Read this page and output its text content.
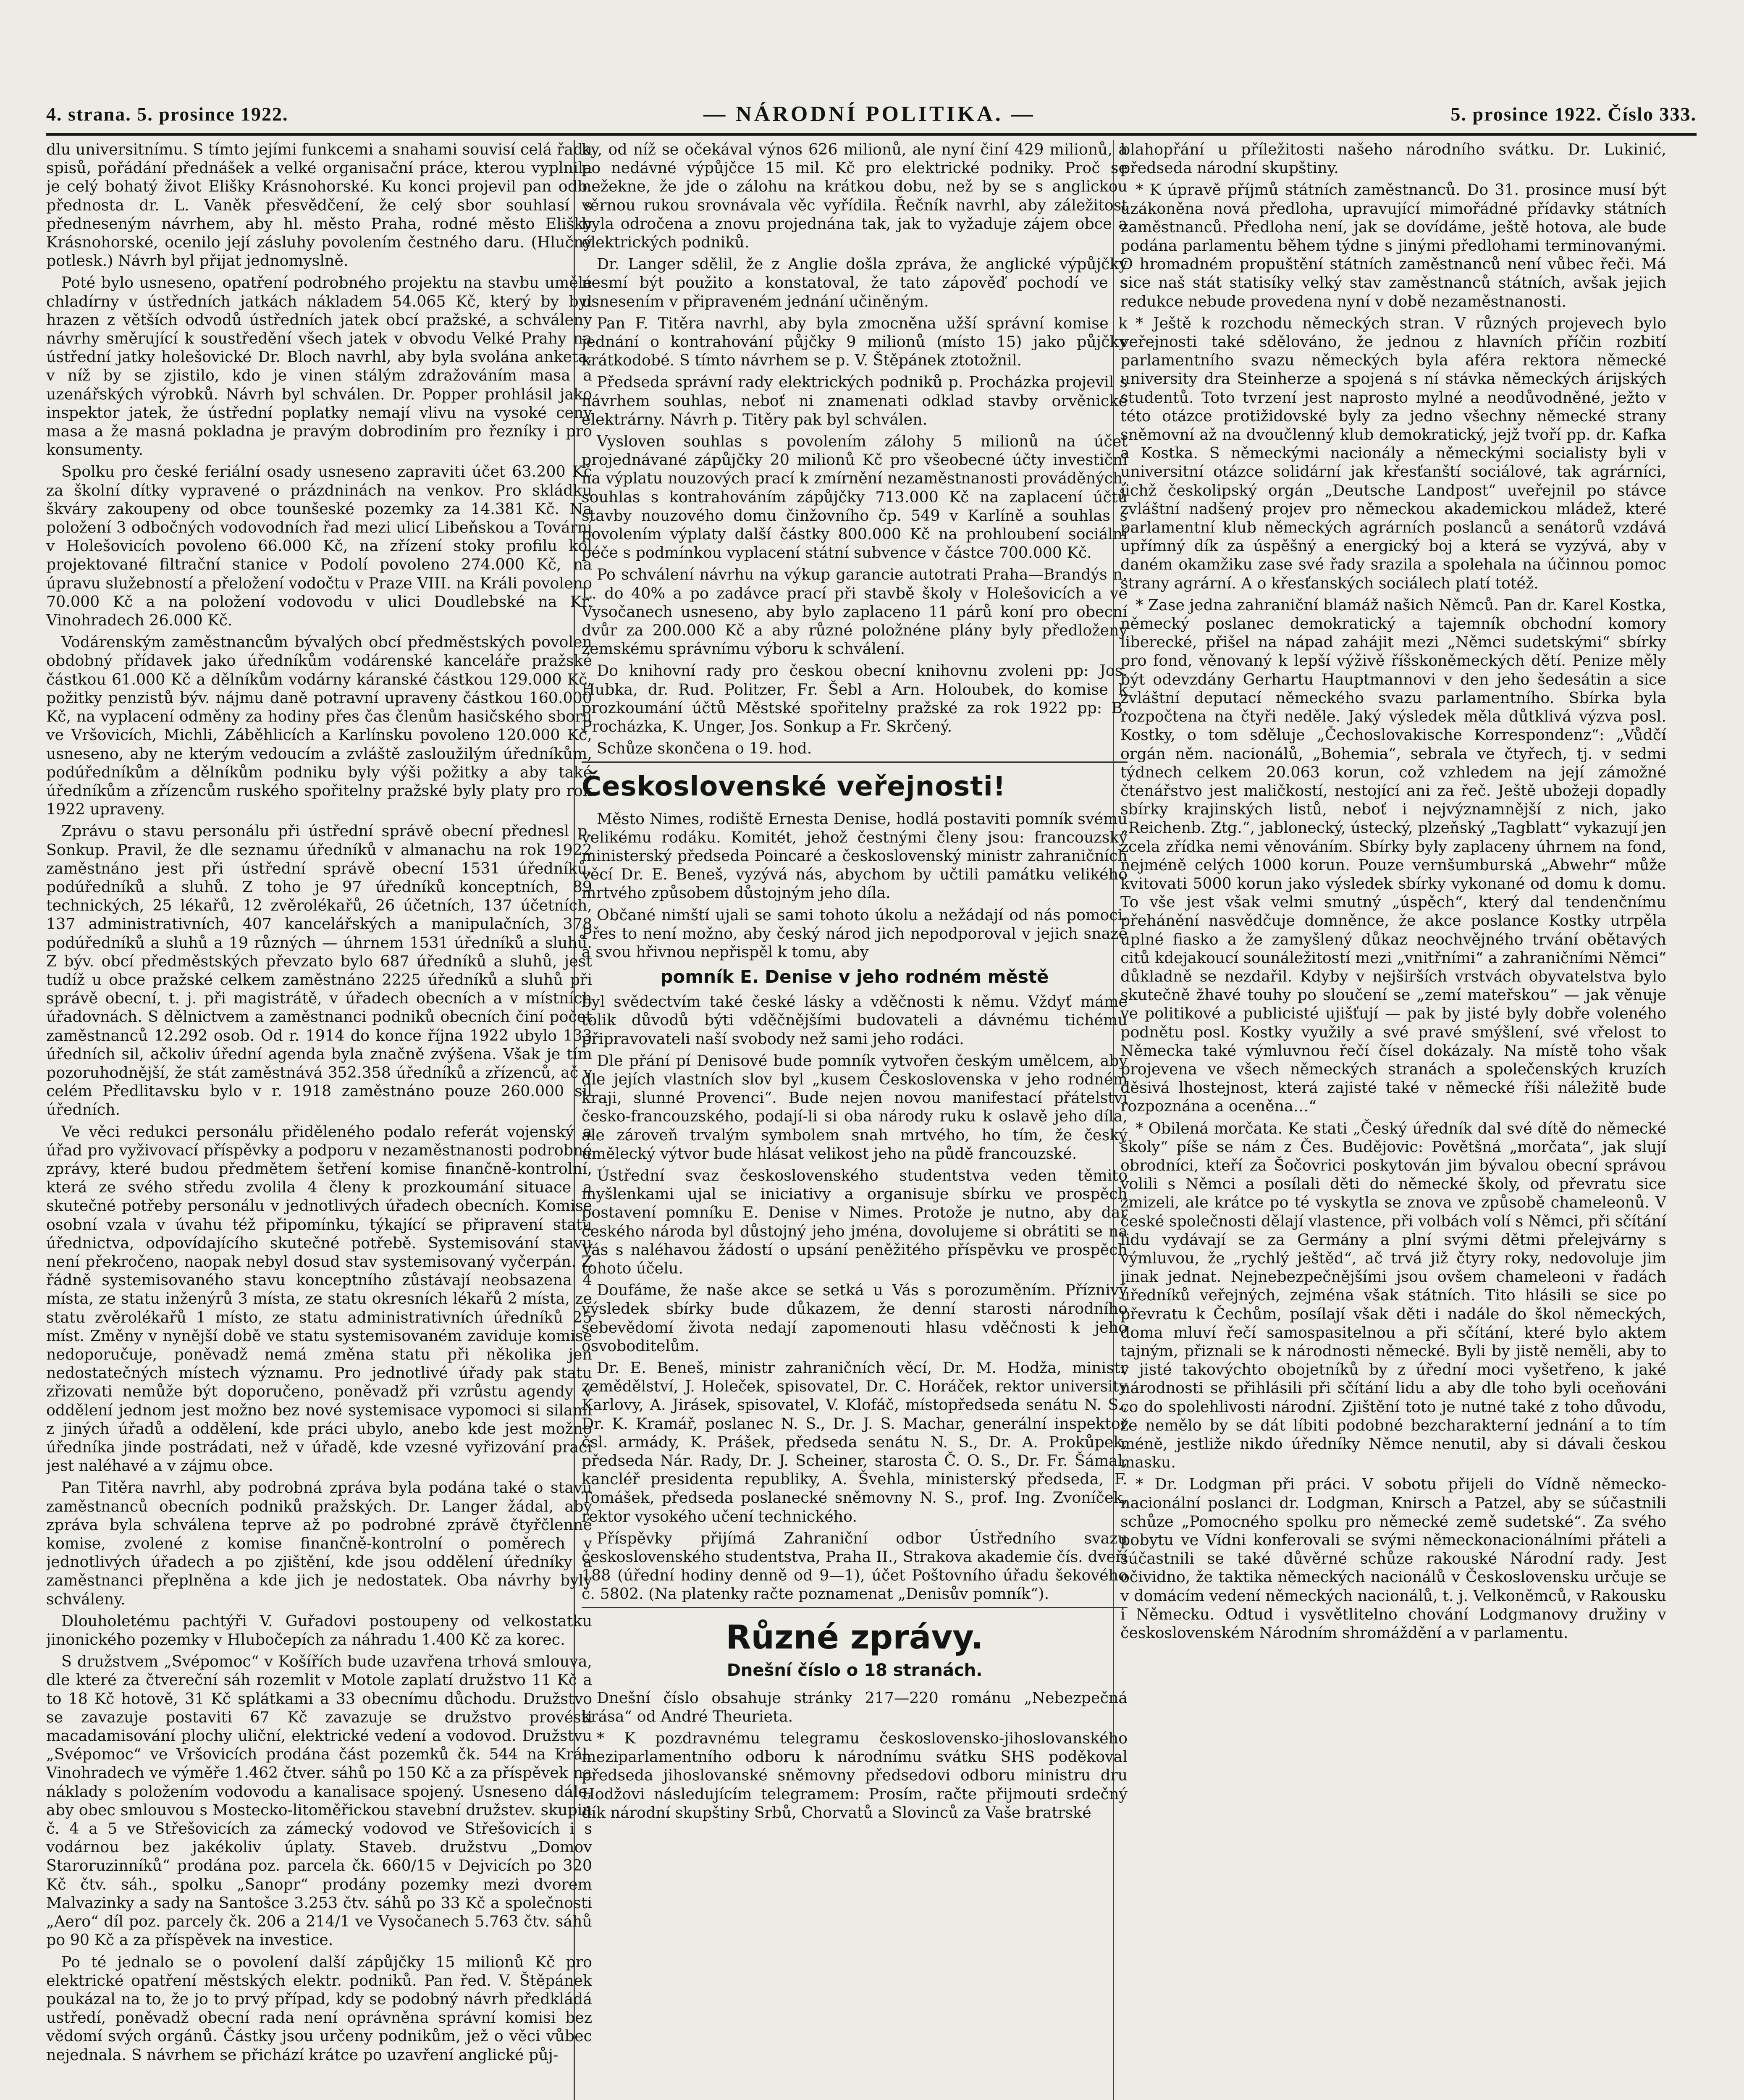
4. strana. 5. prosince 1922.	— NÁRODNÍ POLITIKA. —	5. prosince 1922. Číslo 333.

dlu universitnímu. S tímto jejími funkcemi a snahami souvisí celá řada spisů, pořádání přednášek a velké organisační práce, kterou vyplnila je celý bohatý život Elišky Krásnohorské. Ku konci projevil pan odb. přednosta dr. L. Vaněk přesvědčení, že celý sbor souhlasí s předneseným návrhem, aby hl. město Praha, rodné město Elišky Krásnohorské, ocenilo její zásluhy povolením čestného daru. (Hlučný potlesk.) Návrh byl přijat jednomyslně.

Poté bylo usneseno, opatření podrobného projektu na stavbu umělé chladírny v ústředních jatkách nákladem 54.065 Kč, který by byl hrazen z větších odvodů ústředních jatek obcí pražské, a schváleny návrhy směrující k soustředění všech jatek v obvodu Velké Prahy na ústřední jatky holešovické Dr. Bloch navrhl, aby byla svolána anketa, v níž by se zjistilo, kdo je vinen stálým zdražováním masa a uzenářských výrobků. Návrh byl schválen. Dr. Popper prohlásil jako inspektor jatek, že ústřední poplatky nemají vlivu na vysoké ceny masa a že masná pokladna je pravým dobrodiním pro řezníky i pro konsumenty.

Spolku pro české feriální osady usneseno zapraviti účet 63.200 Kč za školní dítky vypravené o prázdninách na venkov. Pro skládku škváry zakoupeny od obce tounšeské pozemky za 14.381 Kč. Na položení 3 odbočných vodovodních řad mezi ulicí Libeňskou a Tovární v Holešovicích povoleno 66.000 Kč, na zřízení stoky profilu kol projektované filtrační stanice v Podolí povoleno 274.000 Kč, na úpravu služebností a přeložení vodočtu v Praze VIII. na Králi povoleno 70.000 Kč a na položení vodovodu v ulici Doudlebské na Kr. Vinohradech 26.000 Kč.

Vodárenským zaměstnancům bývalých obcí předměstských povolen obdobný přídavek jako úředníkům vodárenské kanceláře pražské částkou 61.000 Kč a dělníkům vodárny káranské částkou 129.000 Kč, požitky penzistů býv. nájmu daně potravní upraveny částkou 160.000 Kč, na vyplacení odměny za hodiny přes čas členům hasičského sboru ve Vršovicích, Michli, Záběhlicích a Karlínsku povoleno 120.000 Kč, usneseno, aby ne kterým vedoucím a zvláště zasloužilým úředníkům, podúředníkům a dělníkům podniku byly výši požitky a aby také úředníkům a zřízencům ruského spořitelny pražské byly platy pro rok 1922 upraveny.

Zprávu o stavu personálu při ústřední správě obecní přednesl p. Sonkup. Pravil, že dle seznamu úředníků v almanachu na rok 1922 zaměstnáno jest při ústřední správě obecní 1531 úředníků, podúředníků a sluhů. Z toho je 97 úředníků konceptních, 89 technických, 25 lékařů, 12 zvěrolékařů, 26 účetních, 137 účetních, 137 administrativních, 407 kancelářských a manipulačních, 378 podúředníků a sluhů a 19 různých — úhrnem 1531 úředníků a sluhů. Z býv. obcí předměstských převzato bylo 687 úředníků a sluhů, jest tudíž u obce pražské celkem zaměstnáno 2225 úředníků a sluhů při správě obecní, t. j. při magistrátě, v úřadech obecních a v místních úřadovnách. S dělnictvem a zaměstnanci podniků obecních činí počet zaměstnanců 12.292 osob. Od r. 1914 do konce října 1922 ubylo 133 úředních sil, ačkoliv úřední agenda byla značně zvýšena. Však je tím pozoruhodnější, že stát zaměstnává 352.358 úředníků a zřízenců, ač v celém Předlitavsku bylo v r. 1918 zaměstnáno pouze 260.000 sil úředních.

Ve věci redukci personálu přiděleného podalo referát vojenský a úřad pro vyživovací příspěvky a podporu v nezaměstnanosti podrobné zprávy, které budou předmětem šetření komise finančně-kontrolní, která ze svého středu zvolila 4 členy k prozkoumání situace a skutečné potřeby personálu v jednotlivých úřadech obecních. Komise osobní vzala v úvahu též připomínku, týkající se připravení statu úřednictva, odpovídajícího skutečné potřebě. Systemisování stavu není překročeno, naopak nebyl dosud stav systemisovaný vyčerpán. Z řádně systemisovaného stavu konceptního zůstávají neobsazena 4 místa, ze statu inženýrů 3 místa, ze statu okresních lékařů 2 místa, ze statu zvěrolékařů 1 místo, ze statu administrativních úředníků 25 míst. Změny v nynější době ve statu systemisovaném zaviduje komise nedoporučuje, poněvadž nemá změna statu při několika jen nedostatečných místech významu. Pro jednotlivé úřady pak statu zřizovati nemůže být doporučeno, poněvadž při vzrůstu agendy v oddělení jednom jest možno bez nové systemisace vypomoci si silami z jiných úřadů a oddělení, kde práci ubylo, anebo kde jest možno úředníka jinde postrádati, než v úřadě, kde vzesné vyřizování prací jest naléhavé a v zájmu obce.

Pan Titěra navrhl, aby podrobná zpráva byla podána také o stavu zaměstnanců obecních podniků pražských. Dr. Langer žádal, aby zpráva byla schválena teprve až po podrobné zprávě čtyřčlenné komise, zvolené z komise finančně-kontrolní o poměrech v jednotlivých úřadech a po zjištění, kde jsou oddělení úředníky a zaměstnanci přeplněna a kde jich je nedostatek. Oba návrhy byly schváleny.

Dlouholetému pachtýři V. Guřadovi postoupeny od velkostatku jinonického pozemky v Hlubočepích za náhradu 1.400 Kč za korec.

S družstvem „Svépomoc“ v Košířích bude uzavřena trhová smlouva, dle které za čtvereční sáh rozemlit v Motole zaplatí družstvo 11 Kč a to 18 Kč hotově, 31 Kč splátkami a 33 obecnímu důchodu. Družstvo se zavazuje postaviti 67 Kč zavazuje se družstvo provésti macadamisování plochy uliční, elektrické vedení a vodovod. Družstvu „Svépomoc“ ve Vršovicích prodána část pozemků čk. 544 na Král. Vinohradech ve výměře 1.462 čtver. sáhů po 150 Kč a za příspěvek na náklady s položením vodovodu a kanalisace spojený. Usneseno dále, aby obec smlouvou s Mostecko-litoměřickou stavební družstev. skupin č. 4 a 5 ve Střešovicích za zámecký vodovod ve Střešovicích i s vodárnou bez jakékoliv úplaty. Staveb. družstvu „Domov Staroruzinníků“ prodána poz. parcela čk. 660/15 v Dejvicích po 320 Kč čtv. sáh., spolku „Sanopr“ prodány pozemky mezi dvorem Malvazinky a sady na Santošce 3.253 čtv. sáhů po 33 Kč a společnosti „Aero“ díl poz. parcely čk. 206 a 214/1 ve Vysočanech 5.763 čtv. sáhů po 90 Kč a za příspěvek na investice.

Po té jednalo se o povolení další zápůjčky 15 milionů Kč pro elektrické opatření městských elektr. podniků. Pan řed. V. Štěpánek poukázal na to, že jo to prvý případ, kdy se podobný návrh předkládá ustředí, poněvadž obecní rada není oprávněna správní komisi bez vědomí svých orgánů. Částky jsou určeny podnikům, jež o věci vůbec nejednala. S návrhem se přichází krátce po uzavření anglické půj-

ky, od níž se očekával výnos 626 milionů, ale nyní činí 429 milionů, a po nedávné výpůjčce 15 mil. Kč pro elektrické podniky. Proč se nežekne, že jde o zálohu na krátkou dobu, než by se s anglickou věrnou rukou srovnávala věc vyřídila. Řečník navrhl, aby záležitost byla odročena a znovu projednána tak, jak to vyžaduje zájem obce a elektrických podniků.

Dr. Langer sdělil, že z Anglie došla zpráva, že anglické výpůjčky nesmí být použito a konstatoval, že tato zápověď pochodí ve s usnesením v připraveném jednání učiněným.

Pan F. Titěra navrhl, aby byla zmocněna užší správní komise k jednání o kontrahování půjčky 9 milionů (místo 15) jako půjčky krátkodobé. S tímto návrhem se p. V. Štěpánek ztotožnil.

Předseda správní rady elektrických podniků p. Procházka projevil s návrhem souhlas, neboť ni znamenati odklad stavby orvěnické elektrárny. Návrh p. Titěry pak byl schválen.

Vysloven souhlas s povolením zálohy 5 milionů na účet projednávané zápůjčky 20 milionů Kč pro všeobecné účty investiční na výplatu nouzových prací k zmírnění nezaměstnanosti prováděných, souhlas s kontrahováním zápůjčky 713.000 Kč na zaplacení účtů stavby nouzového domu činžovního čp. 549 v Karlíně a souhlas s povolením výplaty další částky 800.000 Kč na prohloubení sociální péče s podmínkou vyplacení státní subvence v částce 700.000 Kč.

Po schválení návrhu na výkup garancie autotrati Praha—Brandýs n. L. do 40% a po zadávce prací při stavbě školy v Holešovicích a ve Vysočanech usneseno, aby bylo zaplaceno 11 párů koní pro obecní dvůr za 200.000 Kč a aby různé položnéne plány byly předloženy zemskému správnímu výboru k schválení.

Do knihovní rady pro českou obecní knihovnu zvoleni pp: Jos. Hubka, dr. Rud. Politzer, Fr. Šebl a Arn. Holoubek, do komise k prozkoumání účtů Městské spořitelny pražské za rok 1922 pp: B. Procházka, K. Unger, Jos. Sonkup a Fr. Skrčený.

Schůze skončena o 19. hod.

Československé veřejnosti!

Město Nimes, rodiště Ernesta Denise, hodlá postaviti pomník svému velikému rodáku. Komitét, jehož čestnými členy jsou: francouzský ministerský předseda Poincaré a československý ministr zahraničních věcí Dr. E. Beneš, vyzývá nás, abychom by učtili památku velikého mrtvého způsobem důstojným jeho díla.

Občané nimští ujali se sami tohoto úkolu a nežádají od nás pomoci. Přes to není možno, aby český národ jich nepodporoval v jejich snaze a svou hřivnou nepřispěl k tomu, aby

pomník E. Denise v jeho rodném městě

byl svědectvím také české lásky a vděčnosti k němu. Vždyť máme tolik důvodů býti vděčnějšími budovateli a dávnému tichému připravovateli naší svobody než sami jeho rodáci.

Dle přání pí Denisové bude pomník vytvořen českým umělcem, aby dle jejích vlastních slov byl „kusem Československa v jeho rodném kraji, slunné Provenci“. Bude nejen novou manifestací přátelství česko-francouzského, podají-li si oba národy ruku k oslavě jeho díla, ale zároveň trvalým symbolem snah mrtvého, ho tím, že český umělecký výtvor bude hlásat velikost jeho na půdě francouzské.

Ústřední svaz československého studentstva veden těmito myšlenkami ujal se iniciativy a organisuje sbírku ve prospěch postavení pomníku E. Denise v Nimes. Protože je nutno, aby dar českého národa byl důstojný jeho jména, dovolujeme si obrátiti se na Vás s naléhavou žádostí o upsání peněžitého příspěvku ve prospěch tohoto účelu.

Doufáme, že naše akce se setká u Vás s porozuměním. Příznivý výsledek sbírky bude důkazem, že denní starosti národního sebevědomí života nedají zapomenouti hlasu vděčnosti k jeho osvoboditelům.

Dr. E. Beneš, ministr zahraničních věcí, Dr. M. Hodža, ministr zemědělství, J. Holeček, spisovatel, Dr. C. Horáček, rektor university Karlovy, A. Jirásek, spisovatel, V. Klofáč, místopředseda senátu N. S., Dr. K. Kramář, poslanec N. S., Dr. J. S. Machar, generální inspektor čsl. armády, K. Prášek, předseda senátu N. S., Dr. A. Prokůpek, předseda Nár. Rady, Dr. J. Scheiner, starosta Č. O. S., Dr. Fr. Šámal, kancléř presidenta republiky, A. Švehla, ministerský předseda, F. Tomášek, předseda poslanecké sněmovny N. S., prof. Ing. Zvoníček, rektor vysokého učení technického.

Příspěvky přijímá Zahraniční odbor Ústředního svazu československého studentstva, Praha II., Strakova akademie čís. dveří 188 (úřední hodiny denně od 9—1), účet Poštovního úřadu šekového č. 5802. (Na platenky račte poznamenat „Denisův pomník“).

Různé zprávy.
Dnešní číslo o 18 stranách.

Dnešní číslo obsahuje stránky 217—220 románu „Nebezpečná krása“ od André Theurieta.

* K pozdravnému telegramu československo-jihoslovanského meziparlamentního odboru k národnímu svátku SHS poděkoval předseda jihoslovanské sněmovny předsedovi odboru ministru dru Hodžovi následujícím telegramem: Prosím, račte přijmouti srdečný dík národní skupštiny Srbů, Chorvatů a Slovinců za Vaše bratrské

blahopřání u příležitosti našeho národního svátku. Dr. Lukinić, předseda národní skupštiny.

* K úpravě příjmů státních zaměstnanců. Do 31. prosince musí být uzákoněna nová předloha, upravující mimořádné přídavky státních zaměstnanců. Předloha není, jak se dovídáme, ještě hotova, ale bude podána parlamentu během týdne s jinými předlohami terminovanými. O hromadném propuštění státních zaměstnanců není vůbec řeči. Má sice naš stát statisíky velký stav zaměstnanců státních, avšak jejich redukce nebude provedena nyní v době nezaměstnanosti.

* Ještě k rozchodu německých stran. V různých projevech bylo veřejnosti také sdělováno, že jednou z hlavních příčin rozbití parlamentního svazu německých byla aféra rektora německé university dra Steinherze a spojená s ní stávka německých árijských studentů. Toto tvrzení jest naprosto mylné a neodůvodněné, ježto v této otázce protižidovské byly za jedno všechny německé strany sněmovní až na dvoučlenný klub demokratický, jejž tvoří pp. dr. Kafka a Kostka. S německými nacionály a německými socialisty byli v universitní otázce solidární jak křesťanští sociálové, tak agrárníci, jichž českolipský orgán „Deutsche Landpost“ uveřejnil po stávce zvláštní nadšený projev pro německou akademickou mládež, které parlamentní klub německých agrárních poslanců a senátorů vzdává upřímný dík za úspěšný a energický boj a která se vyzývá, aby v daném okamžiku zase své řady srazila a spolehala na účinnou pomoc strany agrární. A o křesťanských sociálech platí totéž.

* Zase jedna zahraniční blamáž našich Němců. Pan dr. Karel Kostka, německý poslanec demokratický a tajemník obchodní komory liberecké, přišel na nápad zahájit mezi „Němci sudetskými“ sbírky pro fond, věnovaný k lepší výživě říšskoněmeckých dětí. Penize měly být odevzdány Gerhartu Hauptmannovi v den jeho šedesátin a sice zvláštní deputací německého svazu parlamentního. Sbírka byla rozpočtena na čtyři neděle. Jaký výsledek měla důtklivá výzva posl. Kostky, o tom sděluje „Čechoslovakische Korrespondenz“: „Vůdčí orgán něm. nacionálů, „Bohemia“, sebrala ve čtyřech, tj. v sedmi týdnech celkem 20.063 korun, což vzhledem na její zámožné čtenářstvo jest maličkostí, nestojící ani za řeč. Ještě ubožeji dopadly sbírky krajinských listů, neboť i nejvýznamnější z nich, jako „Reichenb. Ztg.“, jablonecký, ústecký, plzeňský „Tagblatt“ vykazují jen zcela zřídka nemi věnováním. Sbírky byly zaplaceny úhrnem na fond, nejméně celých 1000 korun. Pouze vernšumburská „Abwehr“ může kvitovati 5000 korun jako výsledek sbírky vykonané od domu k domu. To vše jest však velmi smutný „úspěch“, který dal tendenčnímu přehánění nasvědčuje domněnce, že akce poslance Kostky utrpěla úplné fiasko a že zamyšlený důkaz neochvějného trvání obětavých citů kdejakoucí sounáležitostí mezi „vnitřními“ a zahraničními Němci“ důkladně se nezdařil. Kdyby v nejširších vrstvách obyvatelstva bylo skutečně žhavé touhy po sloučení se „zemí mateřskou“ — jak věnuje ve politikové a publicisté ujišťují — pak by jisté byly dobře voleného podnětu posl. Kostky využily a své pravé smýšlení, své vřelost to Německa také výmluvnou řečí čísel dokázaly. Na místě toho však projevena ve všech německých stranách a společenských kruzích děsivá lhostejnost, která zajisté také v německé říši náležitě bude rozpoznána a oceněna…“

* Obilená morčata. Ke stati „Český úředník dal své dítě do německé školy“ píše se nám z Čes. Budějovic: Povětšná „morčata“, jak slují obrodníci, kteří za Šočovrici poskytován jim bývalou obecní správou volili s Němci a posílali děti do německé školy, od převratu sice zmizeli, ale krátce po té vyskytla se znova ve způsobě chameleonů. V české společnosti dělají vlastence, při volbách volí s Němci, při sčítání lidu vydávají se za Germány a plní svými dětmi přelejvárny s výmluvou, že „rychlý ještěd“, ač trvá již čtyry roky, nedovoluje jim jinak jednat. Nejnebezpečnějšími jsou ovšem chameleoni v řadách úředníků veřejných, zejména však státních. Tito hlásili se sice po převratu k Čechům, posílají však děti i nadále do škol německých, doma mluví řečí samospasitelnou a při sčítání, které bylo aktem tajným, přiznali se k národnosti německé. Byli by jistě neměli, aby to v jisté takovýchto obojetníků by z úřední moci vyšetřeno, k jaké národnosti se přihlásili při sčítání lidu a aby dle toho byli oceňováni co do spolehlivosti národní. Zjištění toto je nutné také z toho důvodu, že nemělo by se dát líbiti podobné bezcharakterní jednání a to tím méně, jestliže nikdo úředníky Němce nenutil, aby si dávali českou masku.

* Dr. Lodgman při práci. V sobotu přijeli do Vídně německo-nacionální poslanci dr. Lodgman, Knirsch a Patzel, aby se súčastnili schůze „Pomocného spolku pro německé země sudetské“. Za svého pobytu ve Vídni konferovali se svými německonacionálními přáteli a súčastnili se také důvěrné schůze rakouské Národní rady. Jest očividno, že taktika německých nacionálů v Československu určuje se v domácím vedení německých nacionálů, t. j. Velkoněmců, v Rakousku i Německu. Odtud i vysvětlitelno chování Lodgmanovy družiny v československém Národním shromáždění a v parlamentu.
